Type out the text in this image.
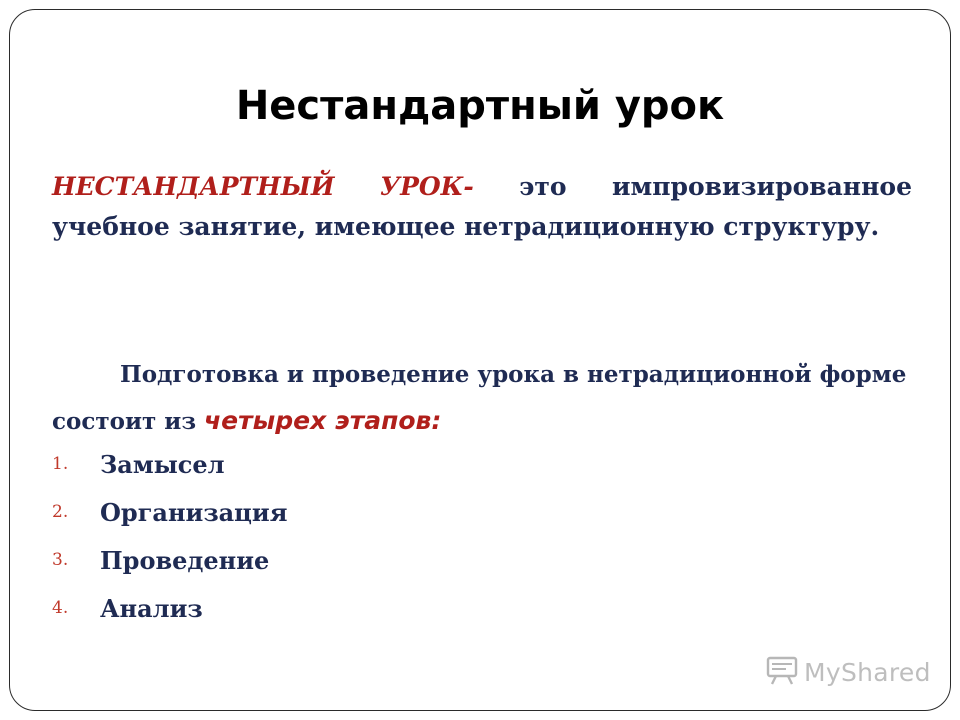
Нестандартный урок

НЕСТАНДАРТНЫЙ УРОК- это импровизированное учебное занятие, имеющее нетрадиционную структуру.

Подготовка и проведение урока в нетрадиционной форме состоит из четырех этапов:

1.	Замысел
2.	Организация
3.	Проведение
4.	Анализ
MyShared
